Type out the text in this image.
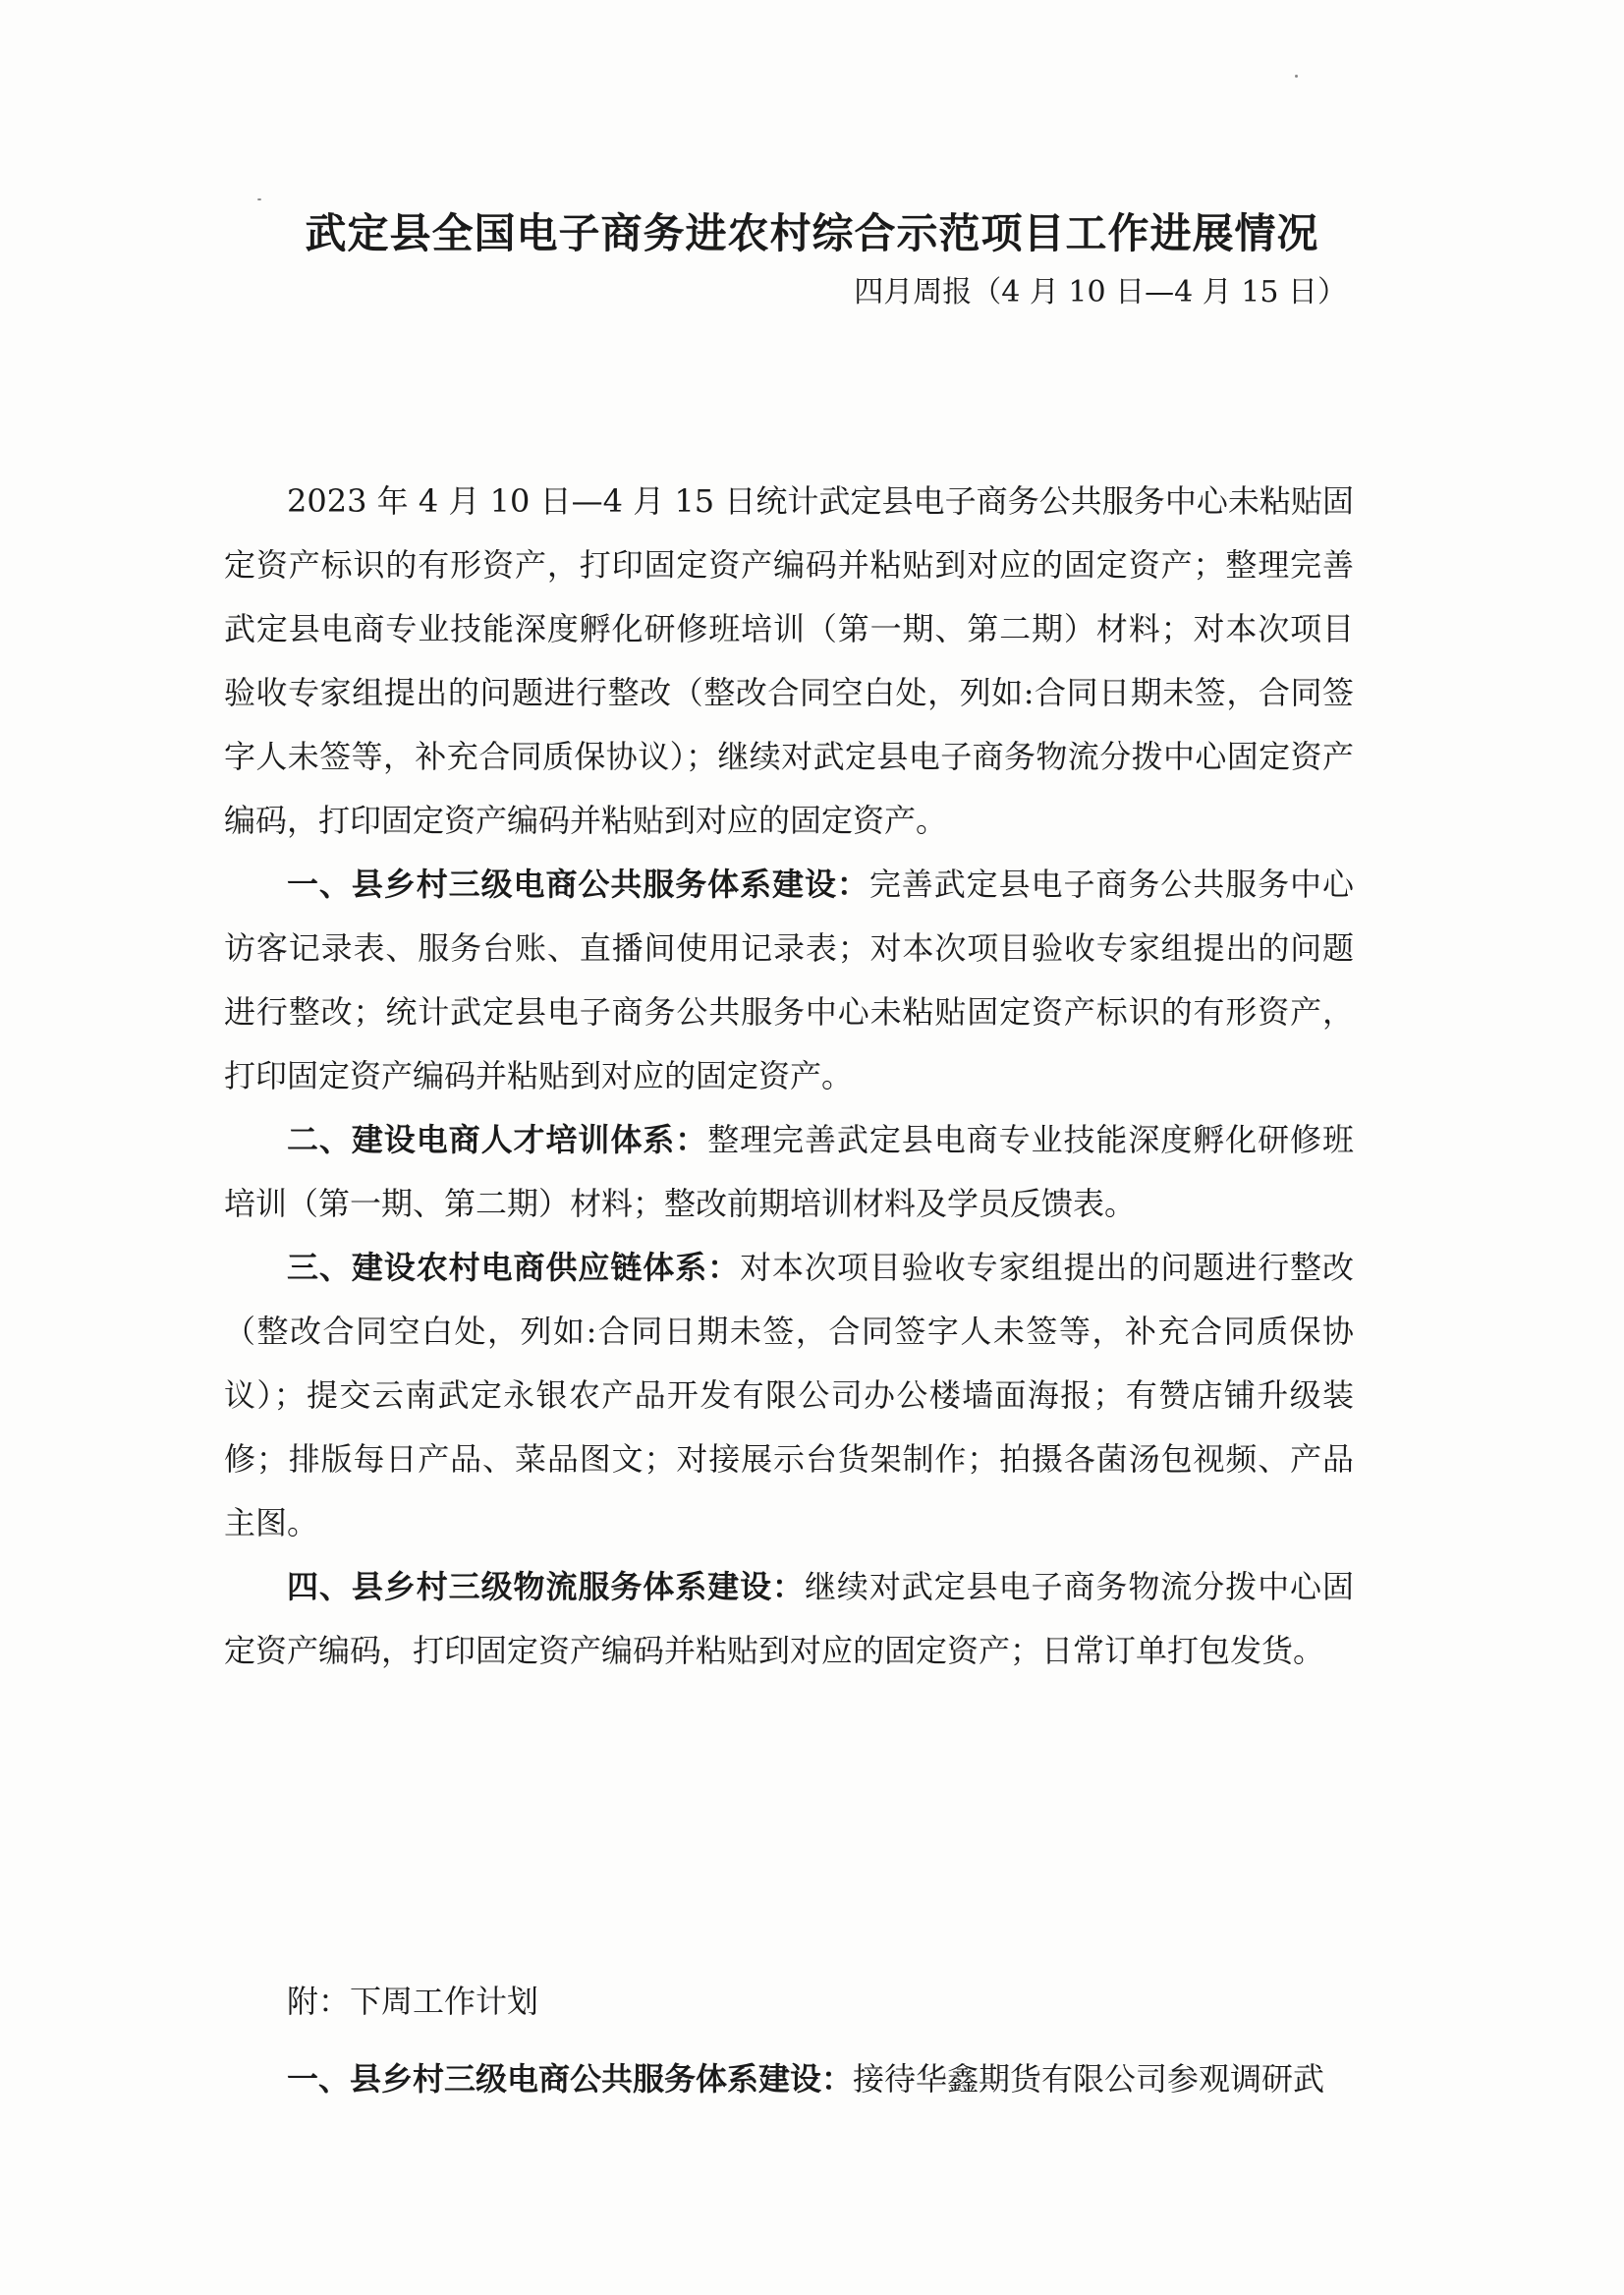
武定县全国电子商务进农村综合示范项目工作进展情况

四月周报（4 月 10 日—4 月 15 日）

2023 年 4 月 10 日—4 月 15 日统计武定县电子商务公共服务中心未粘贴固定资产标识的有形资产，打印固定资产编码并粘贴到对应的固定资产；整理完善武定县电商专业技能深度孵化研修班培训（第一期、第二期）材料；对本次项目验收专家组提出的问题进行整改（整改合同空白处，列如:合同日期未签，合同签字人未签等，补充合同质保协议）；继续对武定县电子商务物流分拨中心固定资产编码，打印固定资产编码并粘贴到对应的固定资产。

一、县乡村三级电商公共服务体系建设：完善武定县电子商务公共服务中心访客记录表、服务台账、直播间使用记录表；对本次项目验收专家组提出的问题进行整改；统计武定县电子商务公共服务中心未粘贴固定资产标识的有形资产，打印固定资产编码并粘贴到对应的固定资产。

二、建设电商人才培训体系：整理完善武定县电商专业技能深度孵化研修班培训（第一期、第二期）材料；整改前期培训材料及学员反馈表。

三、建设农村电商供应链体系：对本次项目验收专家组提出的问题进行整改（整改合同空白处，列如:合同日期未签，合同签字人未签等，补充合同质保协议）；提交云南武定永银农产品开发有限公司办公楼墙面海报；有赞店铺升级装修；排版每日产品、菜品图文；对接展示台货架制作；拍摄各菌汤包视频、产品主图。

四、县乡村三级物流服务体系建设：继续对武定县电子商务物流分拨中心固定资产编码，打印固定资产编码并粘贴到对应的固定资产；日常订单打包发货。

附：下周工作计划

一、县乡村三级电商公共服务体系建设：接待华鑫期货有限公司参观调研武
